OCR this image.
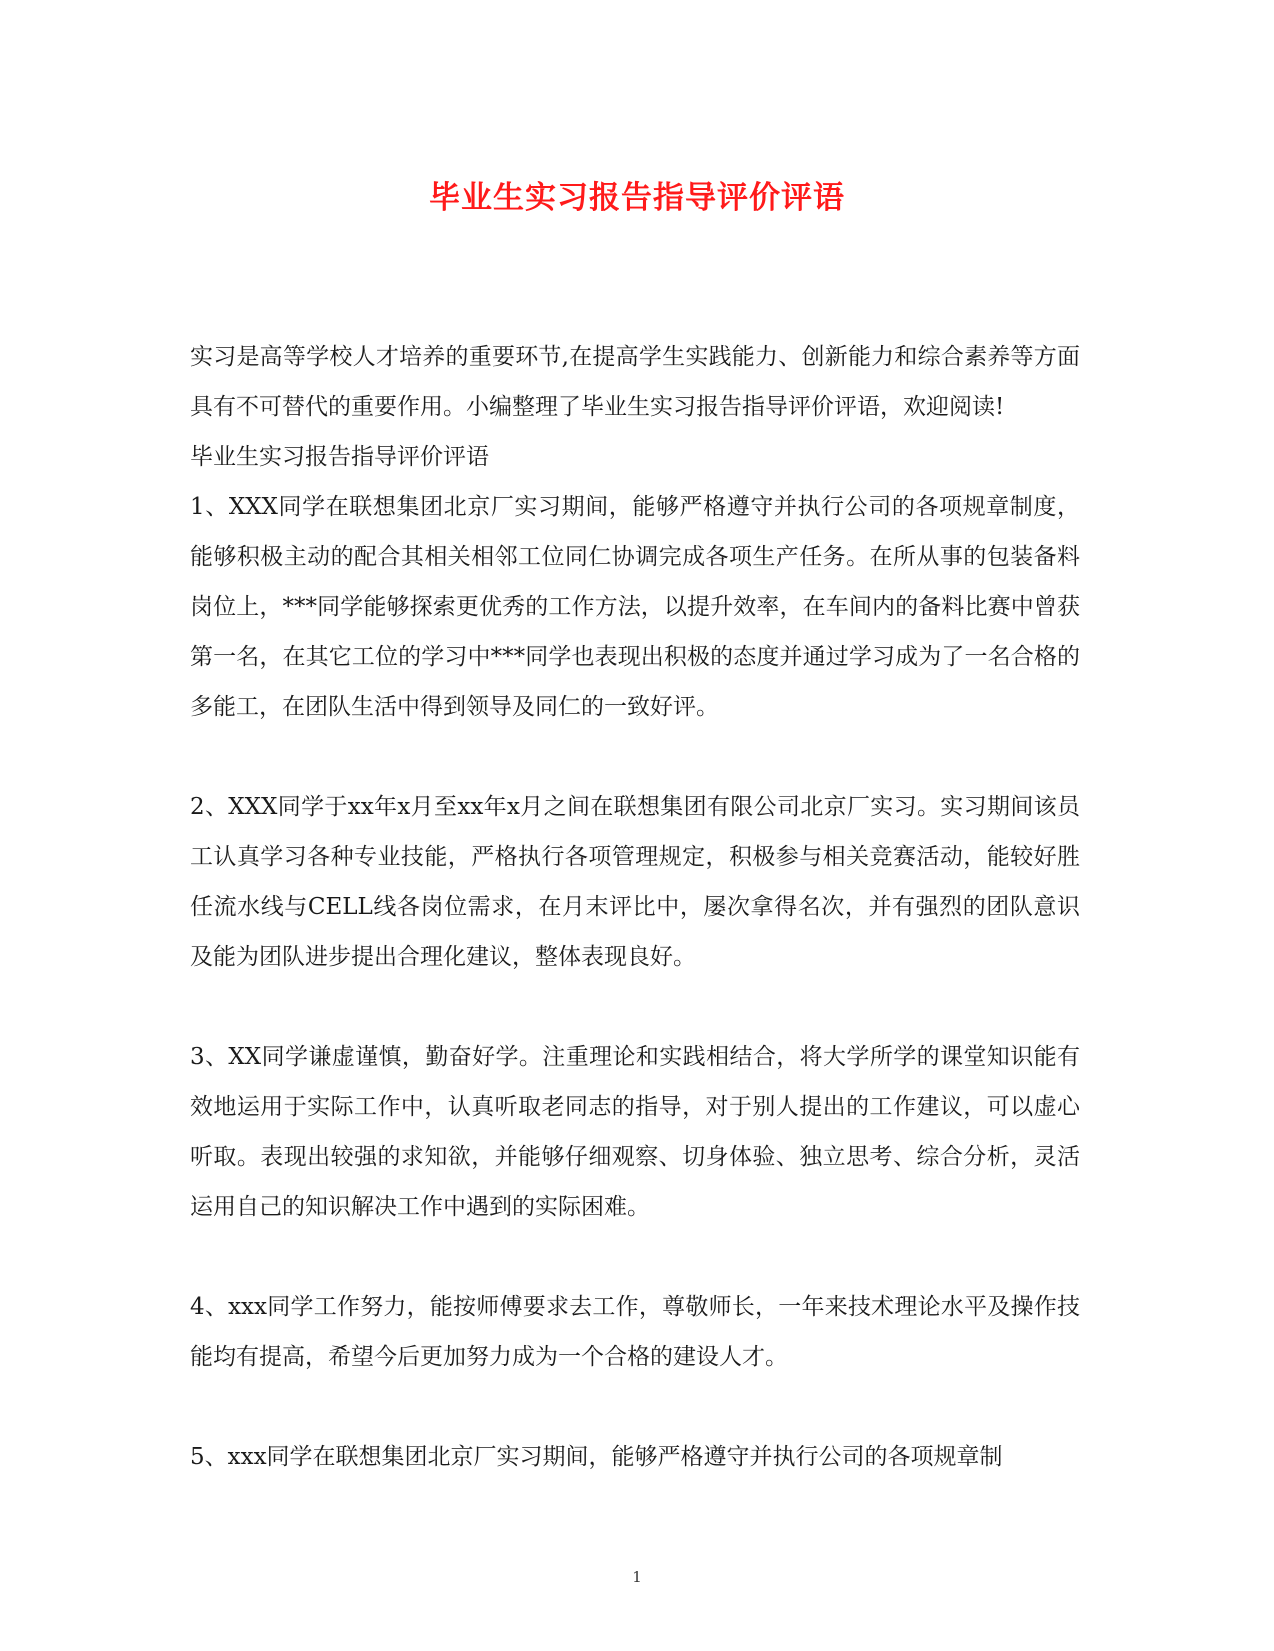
毕业生实习报告指导评价评语

实习是高等学校人才培养的重要环节,在提高学生实践能力、创新能力和综合素养等方面具有不可替代的重要作用。小编整理了毕业生实习报告指导评价评语，欢迎阅读!

毕业生实习报告指导评价评语

1、XXX同学在联想集团北京厂实习期间，能够严格遵守并执行公司的各项规章制度，能够积极主动的配合其相关相邻工位同仁协调完成各项生产任务。在所从事的包装备料岗位上，***同学能够探索更优秀的工作方法，以提升效率，在车间内的备料比赛中曾获第一名，在其它工位的学习中***同学也表现出积极的态度并通过学习成为了一名合格的多能工，在团队生活中得到领导及同仁的一致好评。

2、XXX同学于xx年x月至xx年x月之间在联想集团有限公司北京厂实习。实习期间该员工认真学习各种专业技能，严格执行各项管理规定，积极参与相关竞赛活动，能较好胜任流水线与CELL线各岗位需求，在月末评比中，屡次拿得名次，并有强烈的团队意识及能为团队进步提出合理化建议，整体表现良好。

3、XX同学谦虚谨慎，勤奋好学。注重理论和实践相结合，将大学所学的课堂知识能有效地运用于实际工作中，认真听取老同志的指导，对于别人提出的工作建议，可以虚心听取。表现出较强的求知欲，并能够仔细观察、切身体验、独立思考、综合分析，灵活运用自己的知识解决工作中遇到的实际困难。

4、xxx同学工作努力，能按师傅要求去工作，尊敬师长，一年来技术理论水平及操作技能均有提高，希望今后更加努力成为一个合格的建设人才。

5、xxx同学在联想集团北京厂实习期间，能够严格遵守并执行公司的各项规章制

1
